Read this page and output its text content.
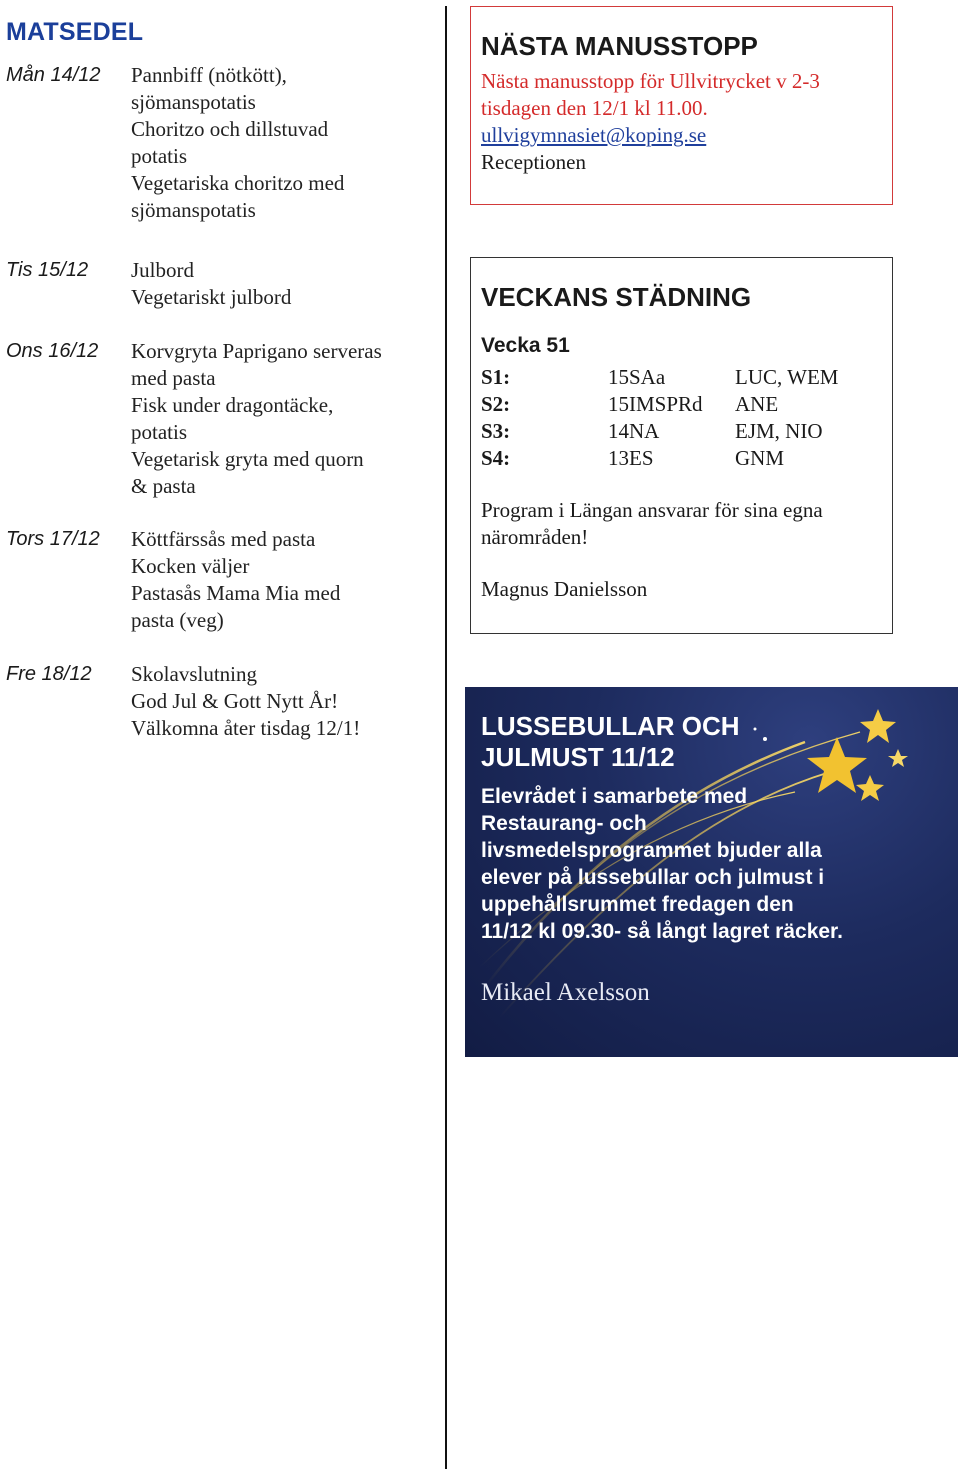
MATSEDEL
Mån 14/12 Pannbiff (nötkött),
sjömanspotatis
Choritzo och dillstuvad
potatis
Vegetariska choritzo med
sjömanspotatis
Tis 15/12 Julbord
Vegetariskt julbord
Ons 16/12 Korvgryta Paprigano serveras
med pasta
Fisk under dragontäcke,
potatis
Vegetarisk gryta med quorn
& pasta
Tors 17/12 Köttfärssås med pasta
Kocken väljer
Pastasås Mama Mia med
pasta (veg)
Fre 18/12 Skolavslutning
God Jul & Gott Nytt År!
Välkomna åter tisdag 12/1!
NÄSTA MANUSSTOPP
Nästa manusstopp för Ullvitrycket v 2-3
tisdagen den 12/1 kl 11.00.
ullvigymnasiet@koping.se
Receptionen
VECKANS STÄDNING
Vecka 51
S1:	15SAa	LUC, WEM
S2:	15IMSPRd ANE
S3:	14NA	EJM, NIO
S4:	13ES	GNM
Program i Längan ansvarar för sina egna
närområden!
Magnus Danielsson
LUSSEBULLAR OCH
JULMUST 11/12
Elevrådet i samarbete med
Restaurang- och
livsmedelsprogrammet bjuder alla
elever på lussebullar och julmust i
uppehållsrummet fredagen den
11/12 kl 09.30- så långt lagret räcker.
Mikael Axelsson
